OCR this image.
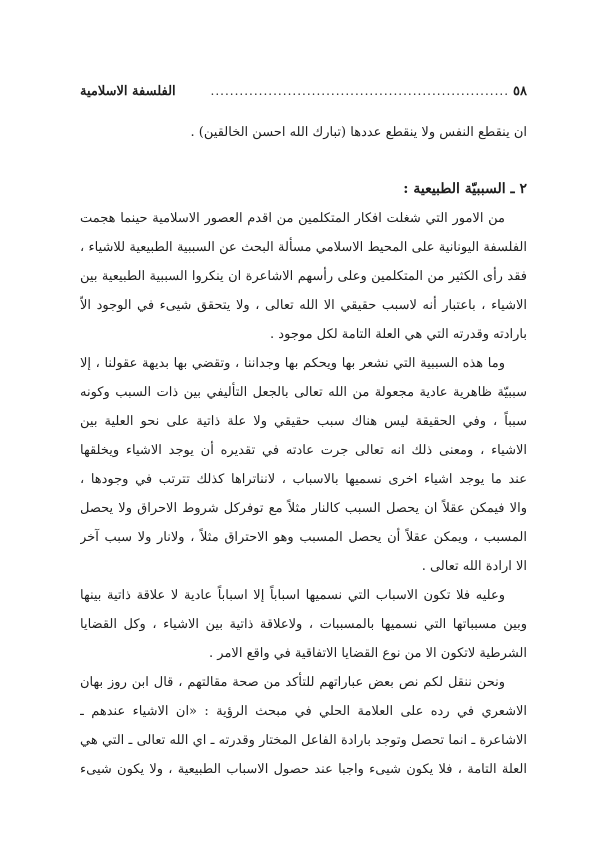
٥٨
..............................................................
الفلسفة الاسلامية
ان ينقطع النفس ولا ينقطع عددها (تبارك الله احسن الخالقين) .
٢ ـ السببيّة الطبيعية :
من الامور التي شغلت افكار المتكلمين من اقدم العصور الاسلامية حينما هجمت
الفلسفة اليونانية على المحيط الاسلامي مسألة البحث عن السببية الطبيعية للاشياء ،
فقد رأى الكثير من المتكلمين وعلى رأسهم الاشاعرة ان ينكروا السببية الطبيعية بين
الاشياء ، باعتبار أنه لاسبب حقيقي الا الله تعالى ، ولا يتحقق شيىء في الوجود الاّ
بارادته وقدرته التي هي العلة التامة لكل موجود .
وما هذه السببية التي نشعر بها ويحكم بها وجداننا ، وتقضي بها بديهة عقولنا ، إلا
سببيّة ظاهرية عادية مجعولة من الله تعالى بالجعل التأليفي بين ذات السبب وكونه
سبباً ، وفي الحقيقة ليس هناك سبب حقيقي ولا علة ذاتية على نحو العلية بين
الاشياء ، ومعنى ذلك انه تعالى جرت عادته في تقديره أن يوجد الاشياء ويخلقها
عند ما يوجد اشياء اخرى نسميها بالاسباب ، لانناتراها كذلك تترتب في وجودها ،
والا فيمكن عقلاً ان يحصل السبب كالنار مثلاً مع توفركل شروط الاحراق ولا يحصل
المسبب ، ويمكن عقلاً أن يحصل المسبب وهو الاحتراق مثلاً ، ولانار ولا سبب آخر
الا ارادة الله تعالى .
وعليه فلا تكون الاسباب التي نسميها اسباباً إلا اسباباً عادية لا علاقة ذاتية بينها
وبين مسبباتها التي نسميها بالمسببات ، ولاعلاقة ذاتية بين الاشياء ، وكل القضايا
الشرطية لاتكون الا من نوع القضايا الاتفاقية في واقع الامر .
ونحن ننقل لكم نص بعض عباراتهم للتأكد من صحة مقالتهم ، قال ابن روز بهان
الاشعري في رده على العلامة الحلي في مبحث الرؤية : «ان الاشياء عندهم ـ
الاشاعرة ـ انما تحصل وتوجد بارادة الفاعل المختار وقدرته ـ اي الله تعالى ـ التي هي
العلة التامة ، فلا يكون شيىء واجبا عند حصول الاسباب الطبيعية ، ولا يكون شيىء
